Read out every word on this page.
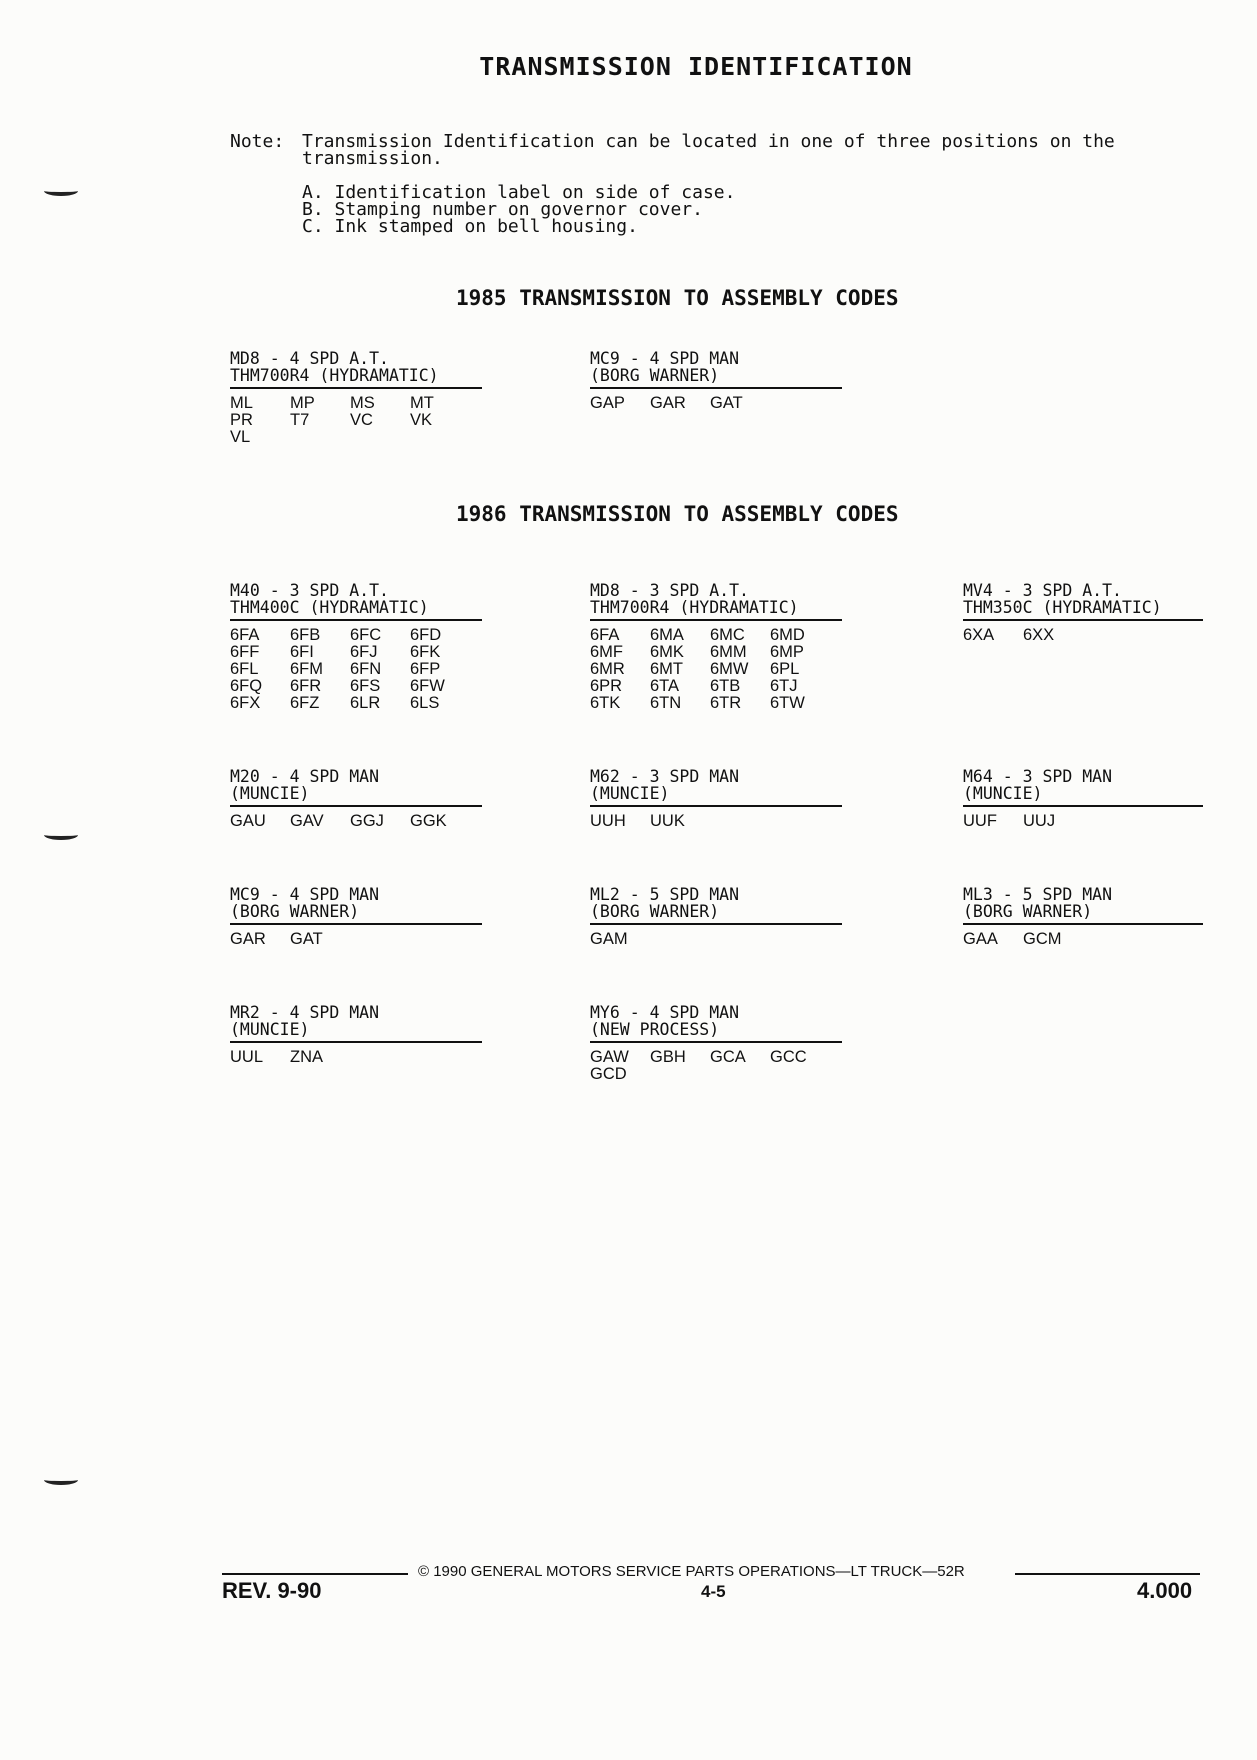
TRANSMISSION IDENTIFICATION
Note: Transmission Identification can be located in one of three positions on the
transmission.
A. Identification label on side of case.
B. Stamping number on governor cover.
C. Ink stamped on bell housing.
1985 TRANSMISSION TO ASSEMBLY CODES
MD8 - 4 SPD A.T.
THM700R4 (HYDRAMATIC)
ML	MP	MS	MT
PR	T7	VC	VK
VL
MC9 - 4 SPD MAN
(BORG WARNER)
GAP	GAR	GAT
1986 TRANSMISSION TO ASSEMBLY CODES
M40 - 3 SPD A.T.
THM400C (HYDRAMATIC)
6FA	6FB	6FC	6FD
6FF	6FI	6FJ	6FK
6FL	6FM	6FN	6FP
6FQ	6FR	6FS	6FW
6FX	6FZ	6LR	6LS
MD8 - 3 SPD A.T.
THM700R4 (HYDRAMATIC)
6FA	6MA	6MC	6MD
6MF	6MK	6MM	6MP
6MR	6MT	6MW	6PL
6PR	6TA	6TB	6TJ
6TK	6TN	6TR	6TW
MV4 - 3 SPD A.T.
THM350C (HYDRAMATIC)
6XA	6XX
M20 - 4 SPD MAN
(MUNCIE)
GAU	GAV	GGJ	GGK
M62 - 3 SPD MAN
(MUNCIE)
UUH	UUK
M64 - 3 SPD MAN
(MUNCIE)
UUF	UUJ
MC9 - 4 SPD MAN
(BORG WARNER)
GAR	GAT
ML2 - 5 SPD MAN
(BORG WARNER)
GAM
ML3 - 5 SPD MAN
(BORG WARNER)
GAA	GCM
MR2 - 4 SPD MAN
(MUNCIE)
UUL	ZNA
MY6 - 4 SPD MAN
(NEW PROCESS)
GAW	GBH	GCA	GCC
GCD
© 1990 GENERAL MOTORS SERVICE PARTS OPERATIONS—LT TRUCK—52R
REV. 9-90	4-5	4.000
